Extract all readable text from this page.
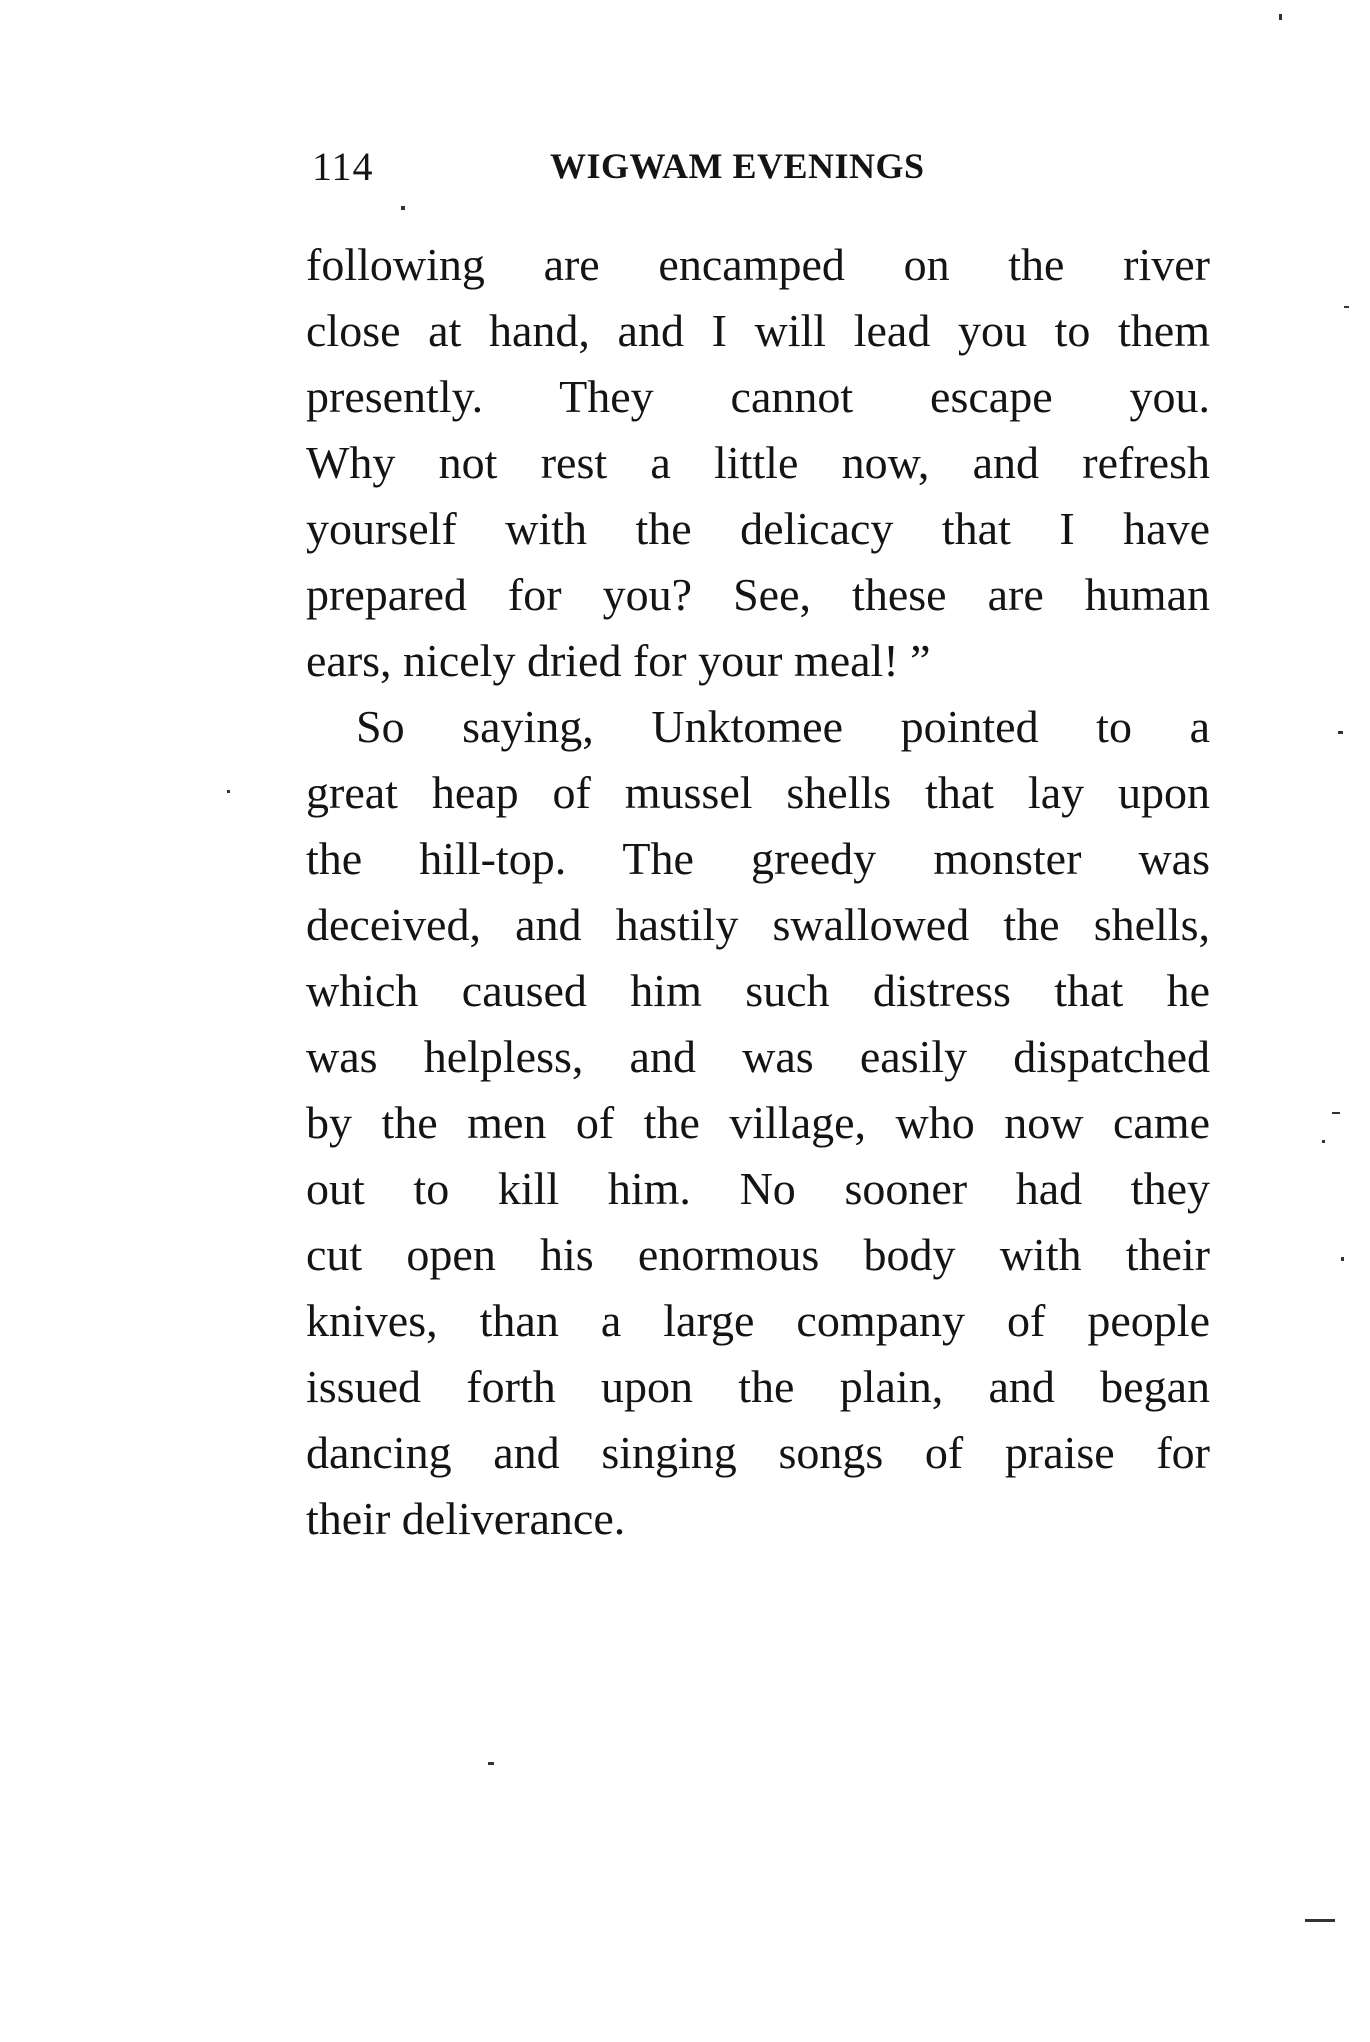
114	WIGWAM EVENINGS
following are encamped on the river
close at hand, and I will lead you to them
presently. They cannot escape you.
Why not rest a little now, and refresh
yourself with the delicacy that I have
prepared for you? See, these are human
ears, nicely dried for your meal! ”
So saying, Unktomee pointed to a
great heap of mussel shells that lay upon
the hill-top. The greedy monster was
deceived, and hastily swallowed the shells,
which caused him such distress that he
was helpless, and was easily dispatched
by the men of the village, who now came
out to kill him. No sooner had they
cut open his enormous body with their
knives, than a large company of people
issued forth upon the plain, and began
dancing and singing songs of praise for
their deliverance.
